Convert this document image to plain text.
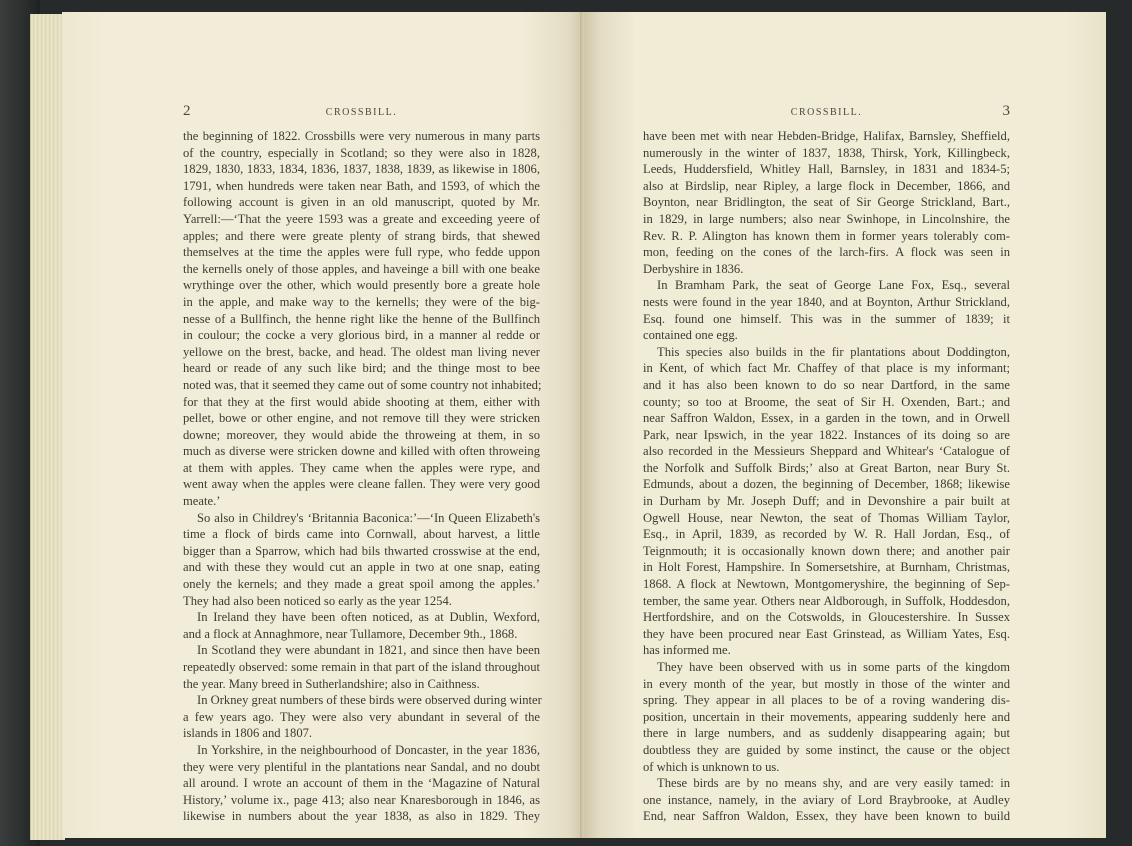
2	CROSSBILL.
the beginning of 1822. Crossbills were very numerous in many parts
of the country, especially in Scotland; so they were also in 1828,
1829, 1830, 1833, 1834, 1836, 1837, 1838, 1839, as likewise in 1806,
1791, when hundreds were taken near Bath, and 1593, of which the
following account is given in an old manuscript, quoted by Mr.
Yarrell:—‘That the yeere 1593 was a greate and exceeding yeere of
apples; and there were greate plenty of strang birds, that shewed
themselves at the time the apples were full rype, who fedde uppon
the kernells onely of those apples, and haveinge a bill with one beake
wrythinge over the other, which would presently bore a greate hole
in the apple, and make way to the kernells; they were of the big-
nesse of a Bullfinch, the henne right like the henne of the Bullfinch
in coulour; the cocke a very glorious bird, in a manner al redde or
yellowe on the brest, backe, and head. The oldest man living never
heard or reade of any such like bird; and the thinge most to bee
noted was, that it seemed they came out of some country not inhabited;
for that they at the first would abide shooting at them, either with
pellet, bowe or other engine, and not remove till they were stricken
downe; moreover, they would abide the throweing at them, in so
much as diverse were stricken downe and killed with often throweing
at them with apples. They came when the apples were rype, and
went away when the apples were cleane fallen. They were very good
meate.’
So also in Childrey's ‘Britannia Baconica:’—‘In Queen Elizabeth's
time a flock of birds came into Cornwall, about harvest, a little
bigger than a Sparrow, which had bils thwarted crosswise at the end,
and with these they would cut an apple in two at one snap, eating
onely the kernels; and they made a great spoil among the apples.’
They had also been noticed so early as the year 1254.
In Ireland they have been often noticed, as at Dublin, Wexford,
and a flock at Annaghmore, near Tullamore, December 9th., 1868.
In Scotland they were abundant in 1821, and since then have been
repeatedly observed: some remain in that part of the island throughout
the year. Many breed in Sutherlandshire; also in Caithness.
In Orkney great numbers of these birds were observed during winter
a few years ago. They were also very abundant in several of the
islands in 1806 and 1807.
In Yorkshire, in the neighbourhood of Doncaster, in the year 1836,
they were very plentiful in the plantations near Sandal, and no doubt
all around. I wrote an account of them in the ‘Magazine of Natural
History,’ volume ix., page 413; also near Knaresborough in 1846, as
likewise in numbers about the year 1838, as also in 1829. They
CROSSBILL.	3
have been met with near Hebden-Bridge, Halifax, Barnsley, Sheffield,
numerously in the winter of 1837, 1838, Thirsk, York, Killingbeck,
Leeds, Huddersfield, Whitley Hall, Barnsley, in 1831 and 1834-5;
also at Birdslip, near Ripley, a large flock in December, 1866, and
Boynton, near Bridlington, the seat of Sir George Strickland, Bart.,
in 1829, in large numbers; also near Swinhope, in Lincolnshire, the
Rev. R. P. Alington has known them in former years tolerably com-
mon, feeding on the cones of the larch-firs. A flock was seen in
Derbyshire in 1836.
In Bramham Park, the seat of George Lane Fox, Esq., several
nests were found in the year 1840, and at Boynton, Arthur Strickland,
Esq. found one himself. This was in the summer of 1839; it
contained one egg.
This species also builds in the fir plantations about Doddington,
in Kent, of which fact Mr. Chaffey of that place is my informant;
and it has also been known to do so near Dartford, in the same
county; so too at Broome, the seat of Sir H. Oxenden, Bart.; and
near Saffron Waldon, Essex, in a garden in the town, and in Orwell
Park, near Ipswich, in the year 1822. Instances of its doing so are
also recorded in the Messieurs Sheppard and Whitear's ‘Catalogue of
the Norfolk and Suffolk Birds;’ also at Great Barton, near Bury St.
Edmunds, about a dozen, the beginning of December, 1868; likewise
in Durham by Mr. Joseph Duff; and in Devonshire a pair built at
Ogwell House, near Newton, the seat of Thomas William Taylor,
Esq., in April, 1839, as recorded by W. R. Hall Jordan, Esq., of
Teignmouth; it is occasionally known down there; and another pair
in Holt Forest, Hampshire. In Somersetshire, at Burnham, Christmas,
1868. A flock at Newtown, Montgomeryshire, the beginning of Sep-
tember, the same year. Others near Aldborough, in Suffolk, Hoddesdon,
Hertfordshire, and on the Cotswolds, in Gloucestershire. In Sussex
they have been procured near East Grinstead, as William Yates, Esq.
has informed me.
They have been observed with us in some parts of the kingdom
in every month of the year, but mostly in those of the winter and
spring. They appear in all places to be of a roving wandering dis-
position, uncertain in their movements, appearing suddenly here and
there in large numbers, and as suddenly disappearing again; but
doubtless they are guided by some instinct, the cause or the object
of which is unknown to us.
These birds are by no means shy, and are very easily tamed: in
one instance, namely, in the aviary of Lord Braybrooke, at Audley
End, near Saffron Waldon, Essex, they have been known to build
